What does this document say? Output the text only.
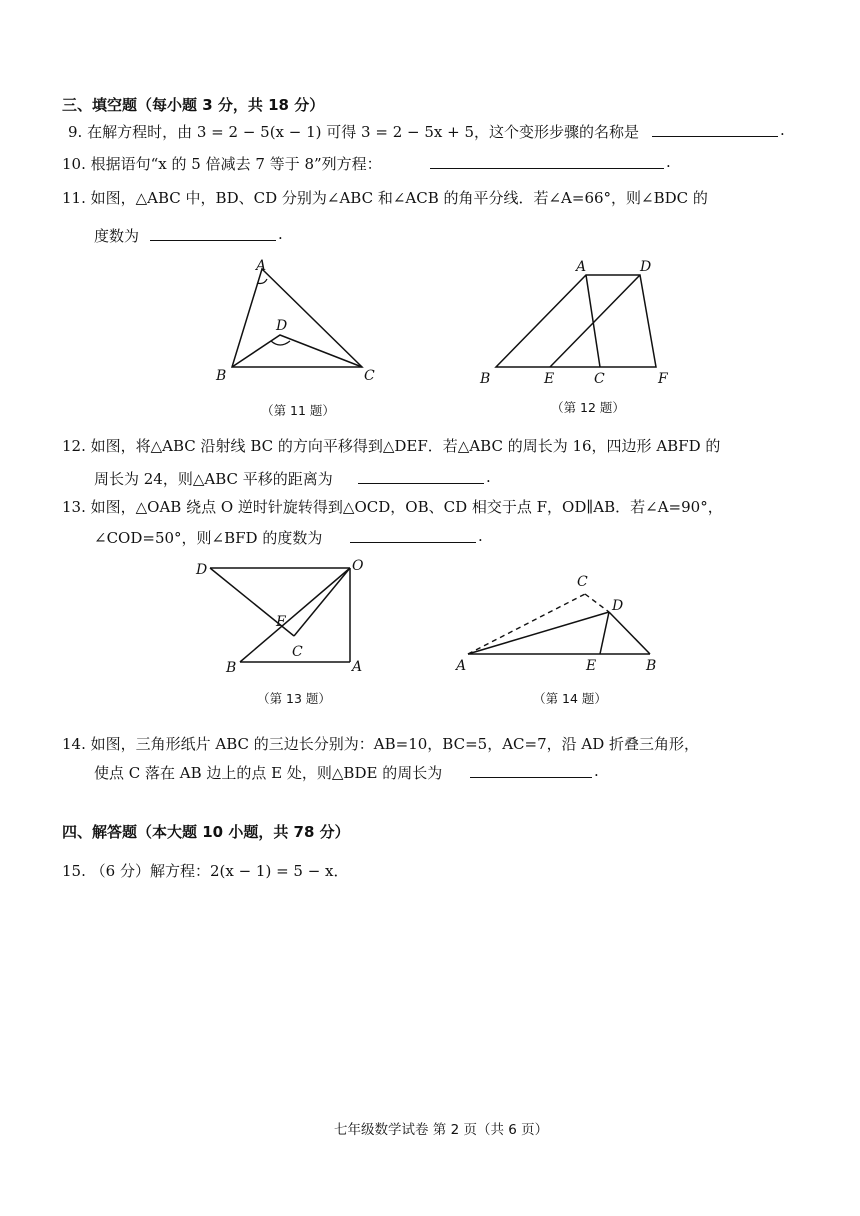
三、填空题（每小题 3 分，共 18 分）
9. 在解方程时，由 3 = 2 − 5(x − 1) 可得 3 = 2 − 5x + 5，这个变形步骤的名称是	.
10. 根据语句“x 的 5 倍减去 7 等于 8”列方程：	.
11. 如图，△ABC 中，BD、CD 分别为∠ABC 和∠ACB 的角平分线．若∠A=66°，则∠BDC 的
度数为	.
A
B	C
D
（第 11 题）
A	D
B	E	C	F
（第 12 题）
12. 如图，将△ABC 沿射线 BC 的方向平移得到△DEF．若△ABC 的周长为 16，四边形 ABFD 的
周长为 24，则△ABC 平移的距离为	.
13. 如图，△OAB 绕点 O 逆时针旋转得到△OCD，OB、CD 相交于点 F，OD∥AB．若∠A=90°，
∠COD=50°，则∠BFD 的度数为	.
D	O
F
C
B	A
（第 13 题）
C
D
A	E	B
（第 14 题）
14. 如图，三角形纸片 ABC 的三边长分别为：AB=10，BC=5，AC=7，沿 AD 折叠三角形，
使点 C 落在 AB 边上的点 E 处，则△BDE 的周长为	.
四、解答题（本大题 10 小题，共 78 分）
15. （6 分）解方程：2(x − 1) = 5 − x．
七年级数学试卷 第 2 页（共 6 页）
